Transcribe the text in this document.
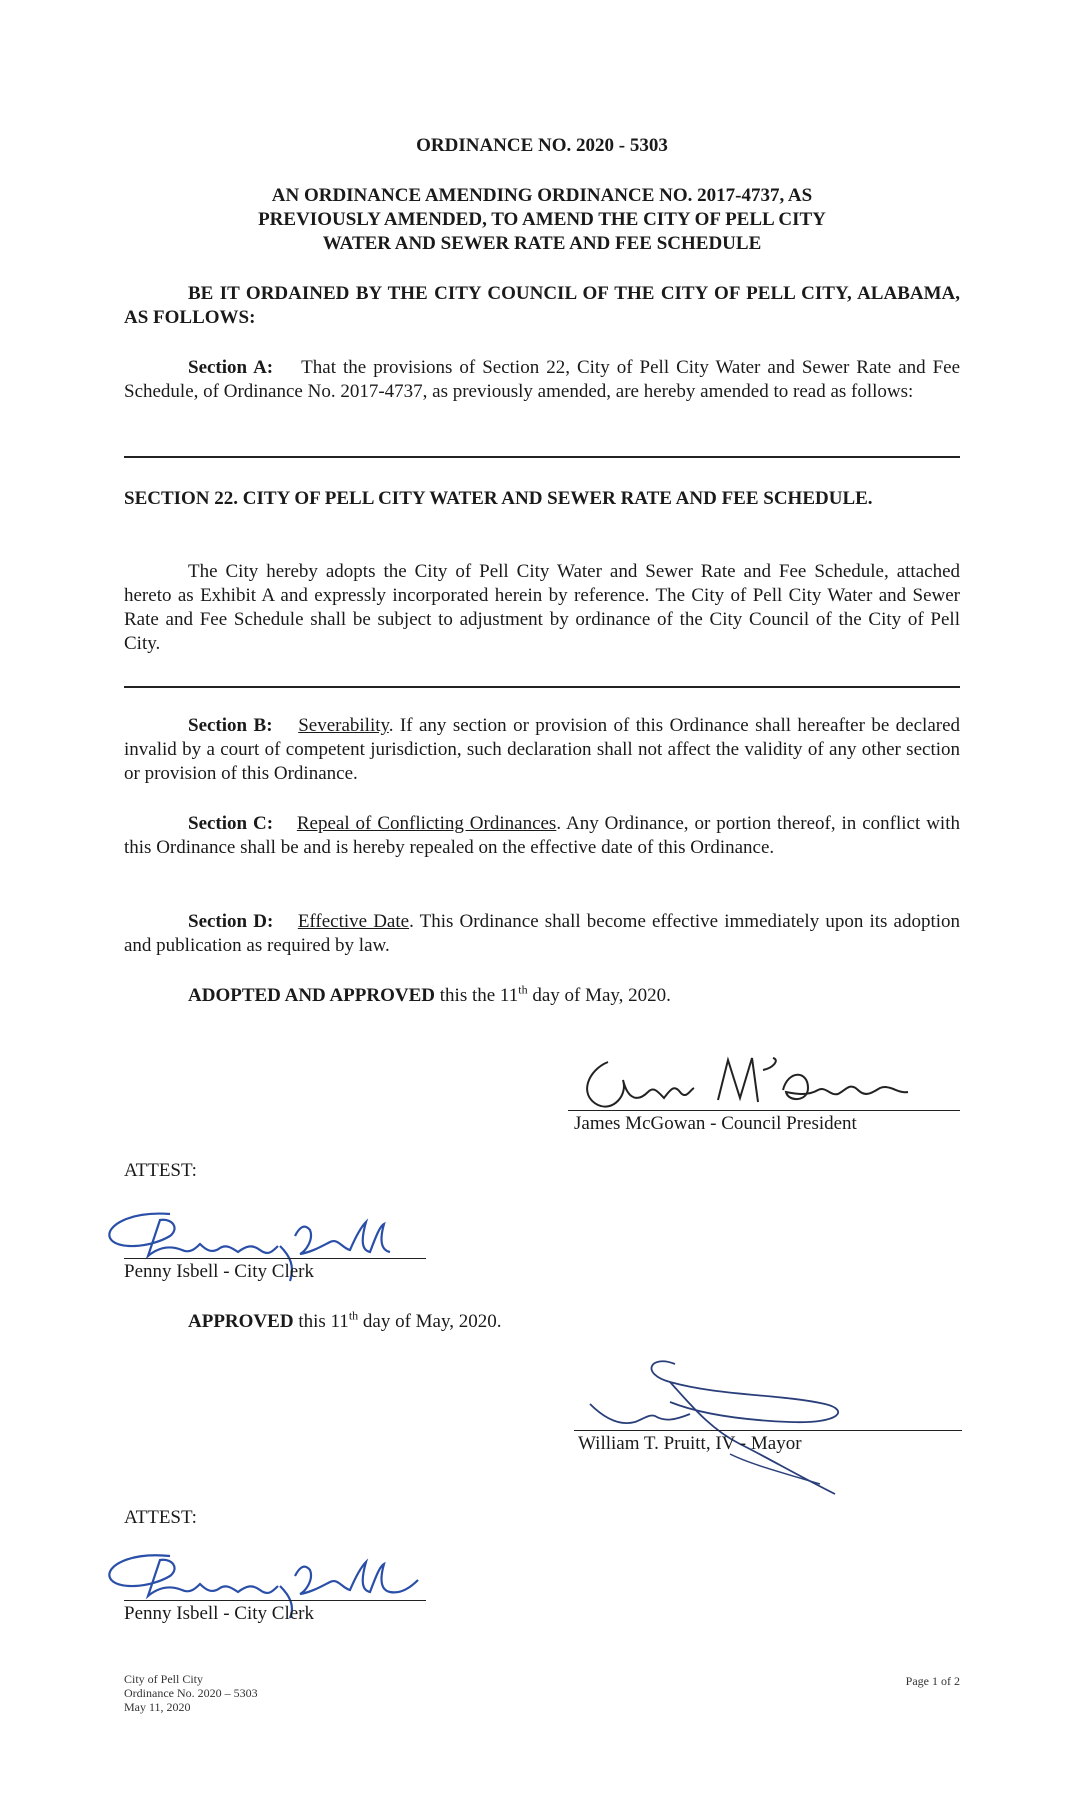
ORDINANCE NO. 2020 - 5303
AN ORDINANCE AMENDING ORDINANCE NO. 2017-4737, AS
PREVIOUSLY AMENDED, TO AMEND THE CITY OF PELL CITY
WATER AND SEWER RATE AND FEE SCHEDULE
BE IT ORDAINED BY THE CITY COUNCIL OF THE CITY OF PELL CITY, ALABAMA, AS FOLLOWS:
Section A: That the provisions of Section 22, City of Pell City Water and Sewer Rate and Fee Schedule, of Ordinance No. 2017-4737, as previously amended, are hereby amended to read as follows:
SECTION 22. CITY OF PELL CITY WATER AND SEWER RATE AND FEE SCHEDULE.
The City hereby adopts the City of Pell City Water and Sewer Rate and Fee Schedule, attached hereto as Exhibit A and expressly incorporated herein by reference. The City of Pell City Water and Sewer Rate and Fee Schedule shall be subject to adjustment by ordinance of the City Council of the City of Pell City.
Section B: Severability. If any section or provision of this Ordinance shall hereafter be declared invalid by a court of competent jurisdiction, such declaration shall not affect the validity of any other section or provision of this Ordinance.
Section C: Repeal of Conflicting Ordinances. Any Ordinance, or portion thereof, in conflict with this Ordinance shall be and is hereby repealed on the effective date of this Ordinance.
Section D: Effective Date. This Ordinance shall become effective immediately upon its adoption and publication as required by law.
ADOPTED AND APPROVED this the 11th day of May, 2020.
James McGowan - Council President
ATTEST:
Penny Isbell - City Clerk
APPROVED this 11th day of May, 2020.
William T. Pruitt, IV - Mayor
ATTEST:
Penny Isbell - City Clerk
City of Pell City
Ordinance No. 2020 – 5303
May 11, 2020
Page 1 of 2
